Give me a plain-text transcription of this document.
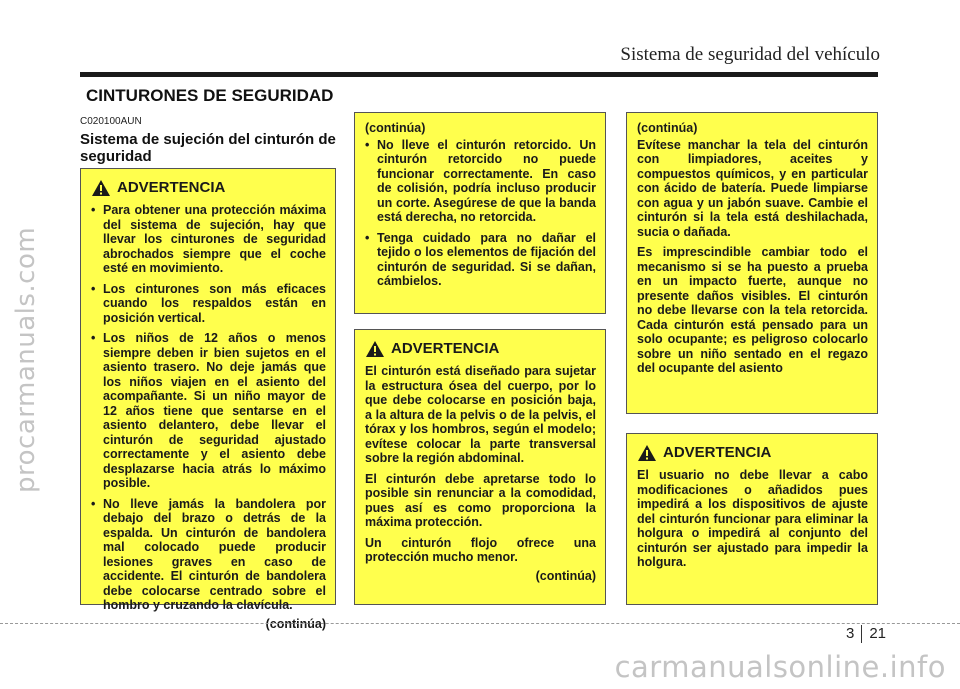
procarmanuals.com
carmanualsonline.info
Sistema de seguridad del vehículo
CINTURONES DE SEGURIDAD
C020100AUN
Sistema de sujeción del cinturón de seguridad
ADVERTENCIA
• Para obtener una protección máxima del sistema de sujeción, hay que llevar los cinturones de seguridad abrochados siempre que el coche esté en movimiento.
• Los cinturones son más eficaces cuando los respaldos están en posición vertical.
• Los niños de 12 años o menos siempre deben ir bien sujetos en el asiento trasero. No deje jamás que los niños viajen en el asiento del acompañante. Si un niño mayor de 12 años tiene que sentarse en el asiento delantero, debe llevar el cinturón de seguridad ajustado correctamente y el asiento debe desplazarse hacia atrás lo máximo posible.
• No lleve jamás la bandolera por debajo del brazo o detrás de la espalda. Un cinturón de bandolera mal colocado puede producir lesiones graves en caso de accidente. El cinturón de bandolera debe colocarse centrado sobre el hombro y cruzando la clavícula.
(continúa)
(continúa)
• No lleve el cinturón retorcido. Un cinturón retorcido no puede funcionar correctamente. En caso de colisión, podría incluso producir un corte. Asegúrese de que la banda está derecha, no retorcida.
• Tenga cuidado para no dañar el tejido o los elementos de fijación del cinturón de seguridad. Si se dañan, cámbielos.
ADVERTENCIA

El cinturón está diseñado para sujetar la estructura ósea del cuerpo, por lo que debe colocarse en posición baja, a la altura de la pelvis o de la pelvis, el tórax y los hombros, según el modelo; evítese colocar la parte transversal sobre la región abdominal.

El cinturón debe apretarse todo lo posible sin renunciar a la comodidad, pues así es como proporciona la máxima protección.

Un cinturón flojo ofrece una protección mucho menor.

(continúa)
(continúa)

Evítese manchar la tela del cinturón con limpiadores, aceites y compuestos químicos, y en particular con ácido de batería. Puede limpiarse con agua y un jabón suave. Cambie el cinturón si la tela está deshilachada, sucia o dañada.

Es imprescindible cambiar todo el mecanismo si se ha puesto a prueba en un impacto fuerte, aunque no presente daños visibles. El cinturón no debe llevarse con la tela retorcida. Cada cinturón está pensado para un solo ocupante; es peligroso colocarlo sobre un niño sentado en el regazo del ocupante del asiento

ADVERTENCIA

El usuario no debe llevar a cabo modificaciones o añadidos pues impedirá a los dispositivos de ajuste del cinturón funcionar para eliminar la holgura o impedirá al conjunto del cinturón ser ajustado para impedir la holgura.

3 21
